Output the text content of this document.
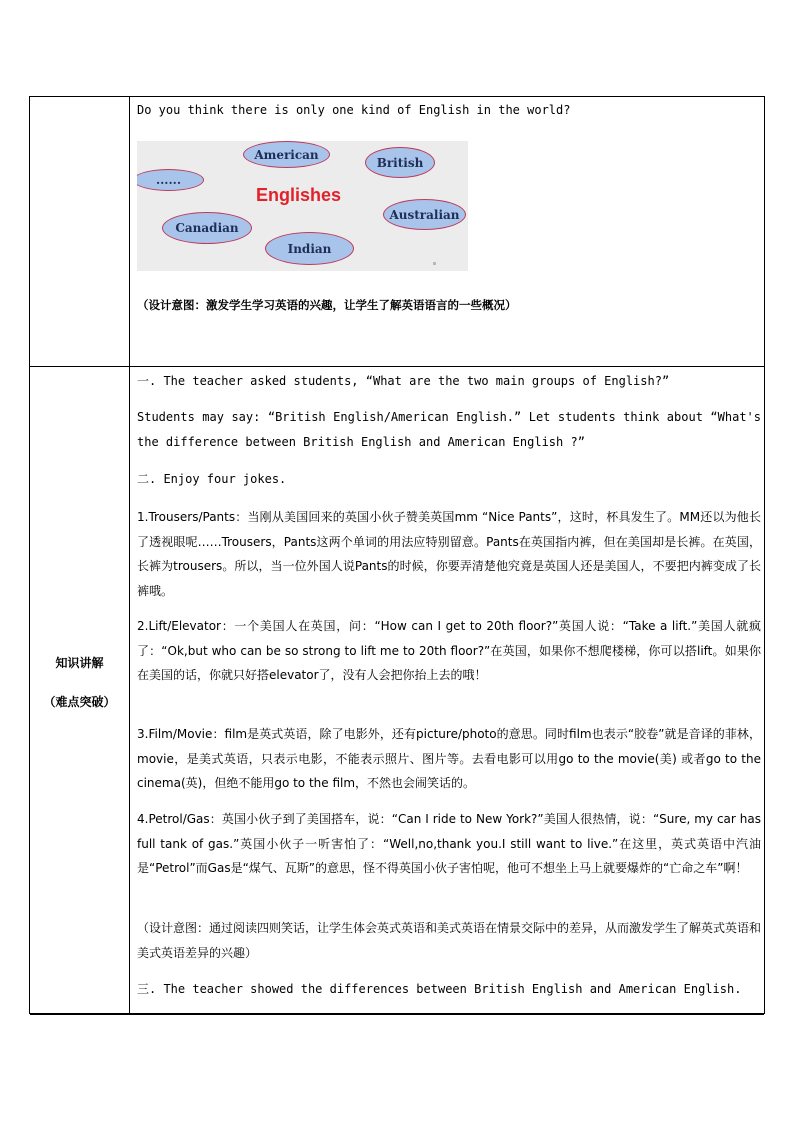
Do you think there is only one kind of English in the world?
American
British
......
Englishes
Australian
Canadian
Indian
（设计意图：激发学生学习英语的兴趣，让学生了解英语语言的一些概况）
知识讲解
（难点突破）
一. The teacher asked students, “What are the two main groups of English?”
Students may say: “British English/American English.” Let students think about “What's the difference between British English and American English ?”
二. Enjoy four jokes.
1.Trousers/Pants：当刚从美国回来的英国小伙子赞美英国mm “Nice Pants”，这时，杯具发生了。MM还以为他长了透视眼呢……Trousers，Pants这两个单词的用法应特别留意。Pants在英国指内裤，但在美国却是长裤。在英国，长裤为trousers。所以，当一位外国人说Pants的时候，你要弄清楚他究竟是英国人还是美国人，不要把内裤变成了长裤哦。
2.Lift/Elevator：一个美国人在英国，问：“How can I get to 20th floor?”英国人说：“Take a lift.”美国人就疯了：“Ok,but who can be so strong to lift me to 20th floor?”在英国，如果你不想爬楼梯，你可以搭lift。如果你在美国的话，你就只好搭elevator了，没有人会把你抬上去的哦！
3.Film/Movie：film是英式英语，除了电影外，还有picture/photo的意思。同时film也表示“胶卷”就是音译的菲林，movie，是美式英语，只表示电影，不能表示照片、图片等。去看电影可以用go to the movie(美) 或者go to the cinema(英)，但绝不能用go to the film，不然也会闹笑话的。
4.Petrol/Gas：英国小伙子到了美国搭车，说：“Can I ride to New York?”美国人很热情，说：“Sure, my car has full tank of gas.”英国小伙子一听害怕了：“Well,no,thank you.I still want to live.”在这里，英式英语中汽油是“Petrol”而Gas是“煤气、瓦斯”的意思，怪不得英国小伙子害怕呢，他可不想坐上马上就要爆炸的“亡命之车”啊！
（设计意图：通过阅读四则笑话，让学生体会英式英语和美式英语在情景交际中的差异，从而激发学生了解英式英语和美式英语差异的兴趣）
三. The teacher showed the differences between British English and American English.
